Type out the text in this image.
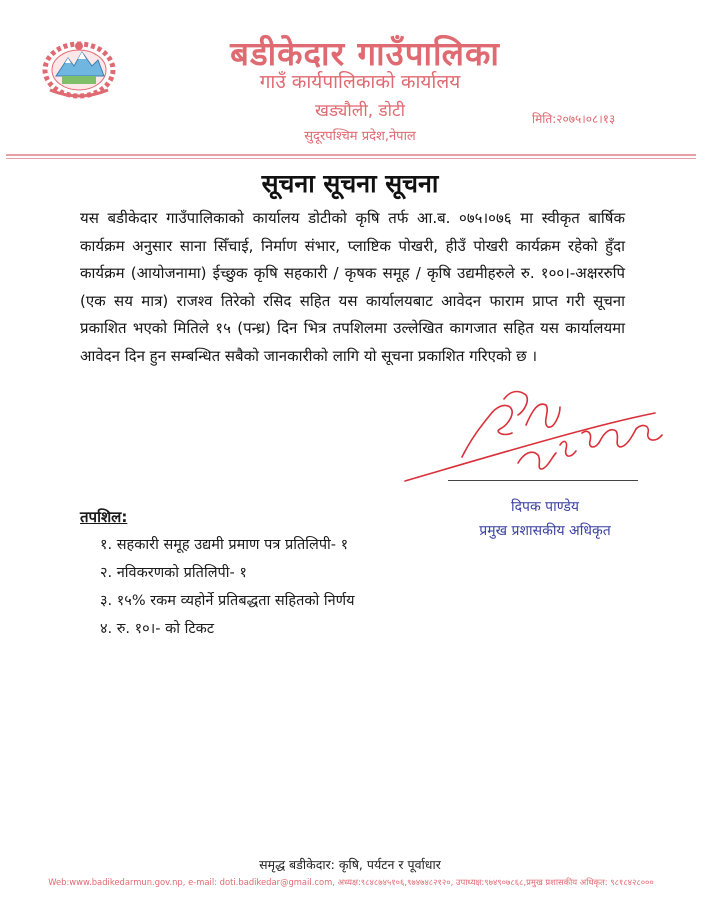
बडीकेदार गाउँपालिका
गाउँ कार्यपालिकाको कार्यालय
खड्यौली, डोटी
सुदूरपश्चिम प्रदेश,नेपाल
मिति:२०७५।०८।१३
सूचना सूचना सूचना
यस बडीकेदार गाउँपालिकाको कार्यालय डोटीको कृषि तर्फ आ.ब. ०७५।०७६ मा स्वीकृत बार्षिक कार्यक्रम अनुसार साना सिँचाई, निर्माण संभार, प्लाष्टिक पोखरी, हीउँ पोखरी कार्यक्रम रहेको हुँदा कार्यक्रम (आयोजनामा) ईच्छुक कृषि सहकारी / कृषक समूह / कृषि उद्यमीहरुले रु. १००।-अक्षररुपि (एक सय मात्र) राजश्व तिरेको रसिद सहित यस कार्यालयबाट आवेदन फाराम प्राप्त गरी सूचना प्रकाशित भएको मितिले १५ (पन्ध्र) दिन भित्र तपशिलमा उल्लेखित कागजात सहित यस कार्यालयमा आवेदन दिन हुन सम्बन्धित सबैको जानकारीको लागि यो सूचना प्रकाशित गरिएको छ ।
दिपक पाण्डेय
प्रमुख प्रशासकीय अधिकृत
तपशिल:
१. सहकारी समूह उद्यमी प्रमाण पत्र प्रतिलिपी- १
२. नविकरणको प्रतिलिपी- १
३. १५% रकम व्यहोर्ने प्रतिबद्धता सहितको निर्णय
४. रु. १०।- को टिकट
समृद्ध बडीकेदार: कृषि, पर्यटन र पूर्वाधार
Web:www.badikedarmun.gov.np, e-mail: doti.badikedar@gmail.com, अध्यक्ष:९८४८७४५१०६,९७४७४८२१२०, उपाध्यक्ष:९७४९०७८६८,प्रमुख प्रशासकीय अधिकृत: ९८१८४२८०००
